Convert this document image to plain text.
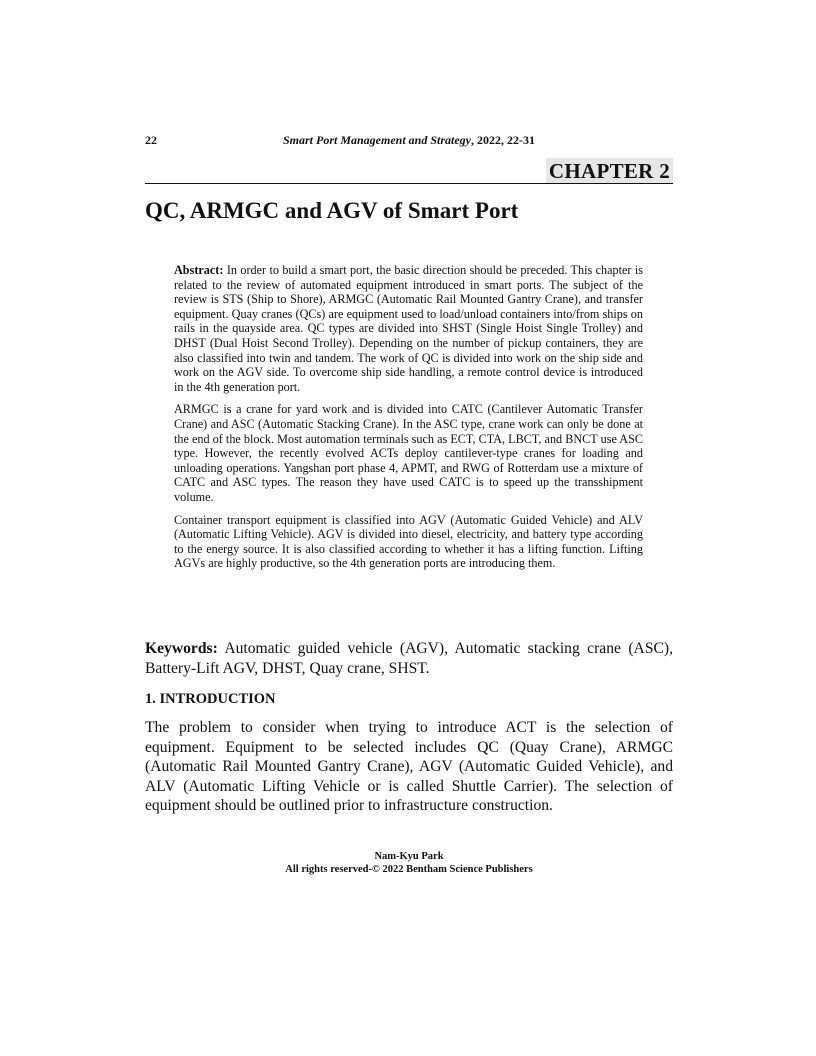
22	Smart Port Management and Strategy, 2022, 22-31
CHAPTER 2
QC, ARMGC and AGV of Smart Port

Abstract: In order to build a smart port, the basic direction should be preceded. This chapter is related to the review of automated equipment introduced in smart ports. The subject of the review is STS (Ship to Shore), ARMGC (Automatic Rail Mounted Gantry Crane), and transfer equipment. Quay cranes (QCs) are equipment used to load/unload containers into/from ships on rails in the quayside area. QC types are divided into SHST (Single Hoist Single Trolley) and DHST (Dual Hoist Second Trolley). Depending on the number of pickup containers, they are also classified into twin and tandem. The work of QC is divided into work on the ship side and work on the AGV side. To overcome ship side handling, a remote control device is introduced in the 4th generation port.

ARMGC is a crane for yard work and is divided into CATC (Cantilever Automatic Transfer Crane) and ASC (Automatic Stacking Crane). In the ASC type, crane work can only be done at the end of the block. Most automation terminals such as ECT, CTA, LBCT, and BNCT use ASC type. However, the recently evolved ACTs deploy cantilever-type cranes for loading and unloading operations. Yangshan port phase 4, APMT, and RWG of Rotterdam use a mixture of CATC and ASC types. The reason they have used CATC is to speed up the transshipment volume.

Container transport equipment is classified into AGV (Automatic Guided Vehicle) and ALV (Automatic Lifting Vehicle). AGV is divided into diesel, electricity, and battery type according to the energy source. It is also classified according to whether it has a lifting function. Lifting AGVs are highly productive, so the 4th generation ports are introducing them.

Keywords: Automatic guided vehicle (AGV), Automatic stacking crane (ASC), Battery-Lift AGV, DHST, Quay crane, SHST.

1. INTRODUCTION

The problem to consider when trying to introduce ACT is the selection of equipment. Equipment to be selected includes QC (Quay Crane), ARMGC (Automatic Rail Mounted Gantry Crane), AGV (Automatic Guided Vehicle), and ALV (Automatic Lifting Vehicle or is called Shuttle Carrier). The selection of equipment should be outlined prior to infrastructure construction.

Nam-Kyu Park
All rights reserved-© 2022 Bentham Science Publishers
